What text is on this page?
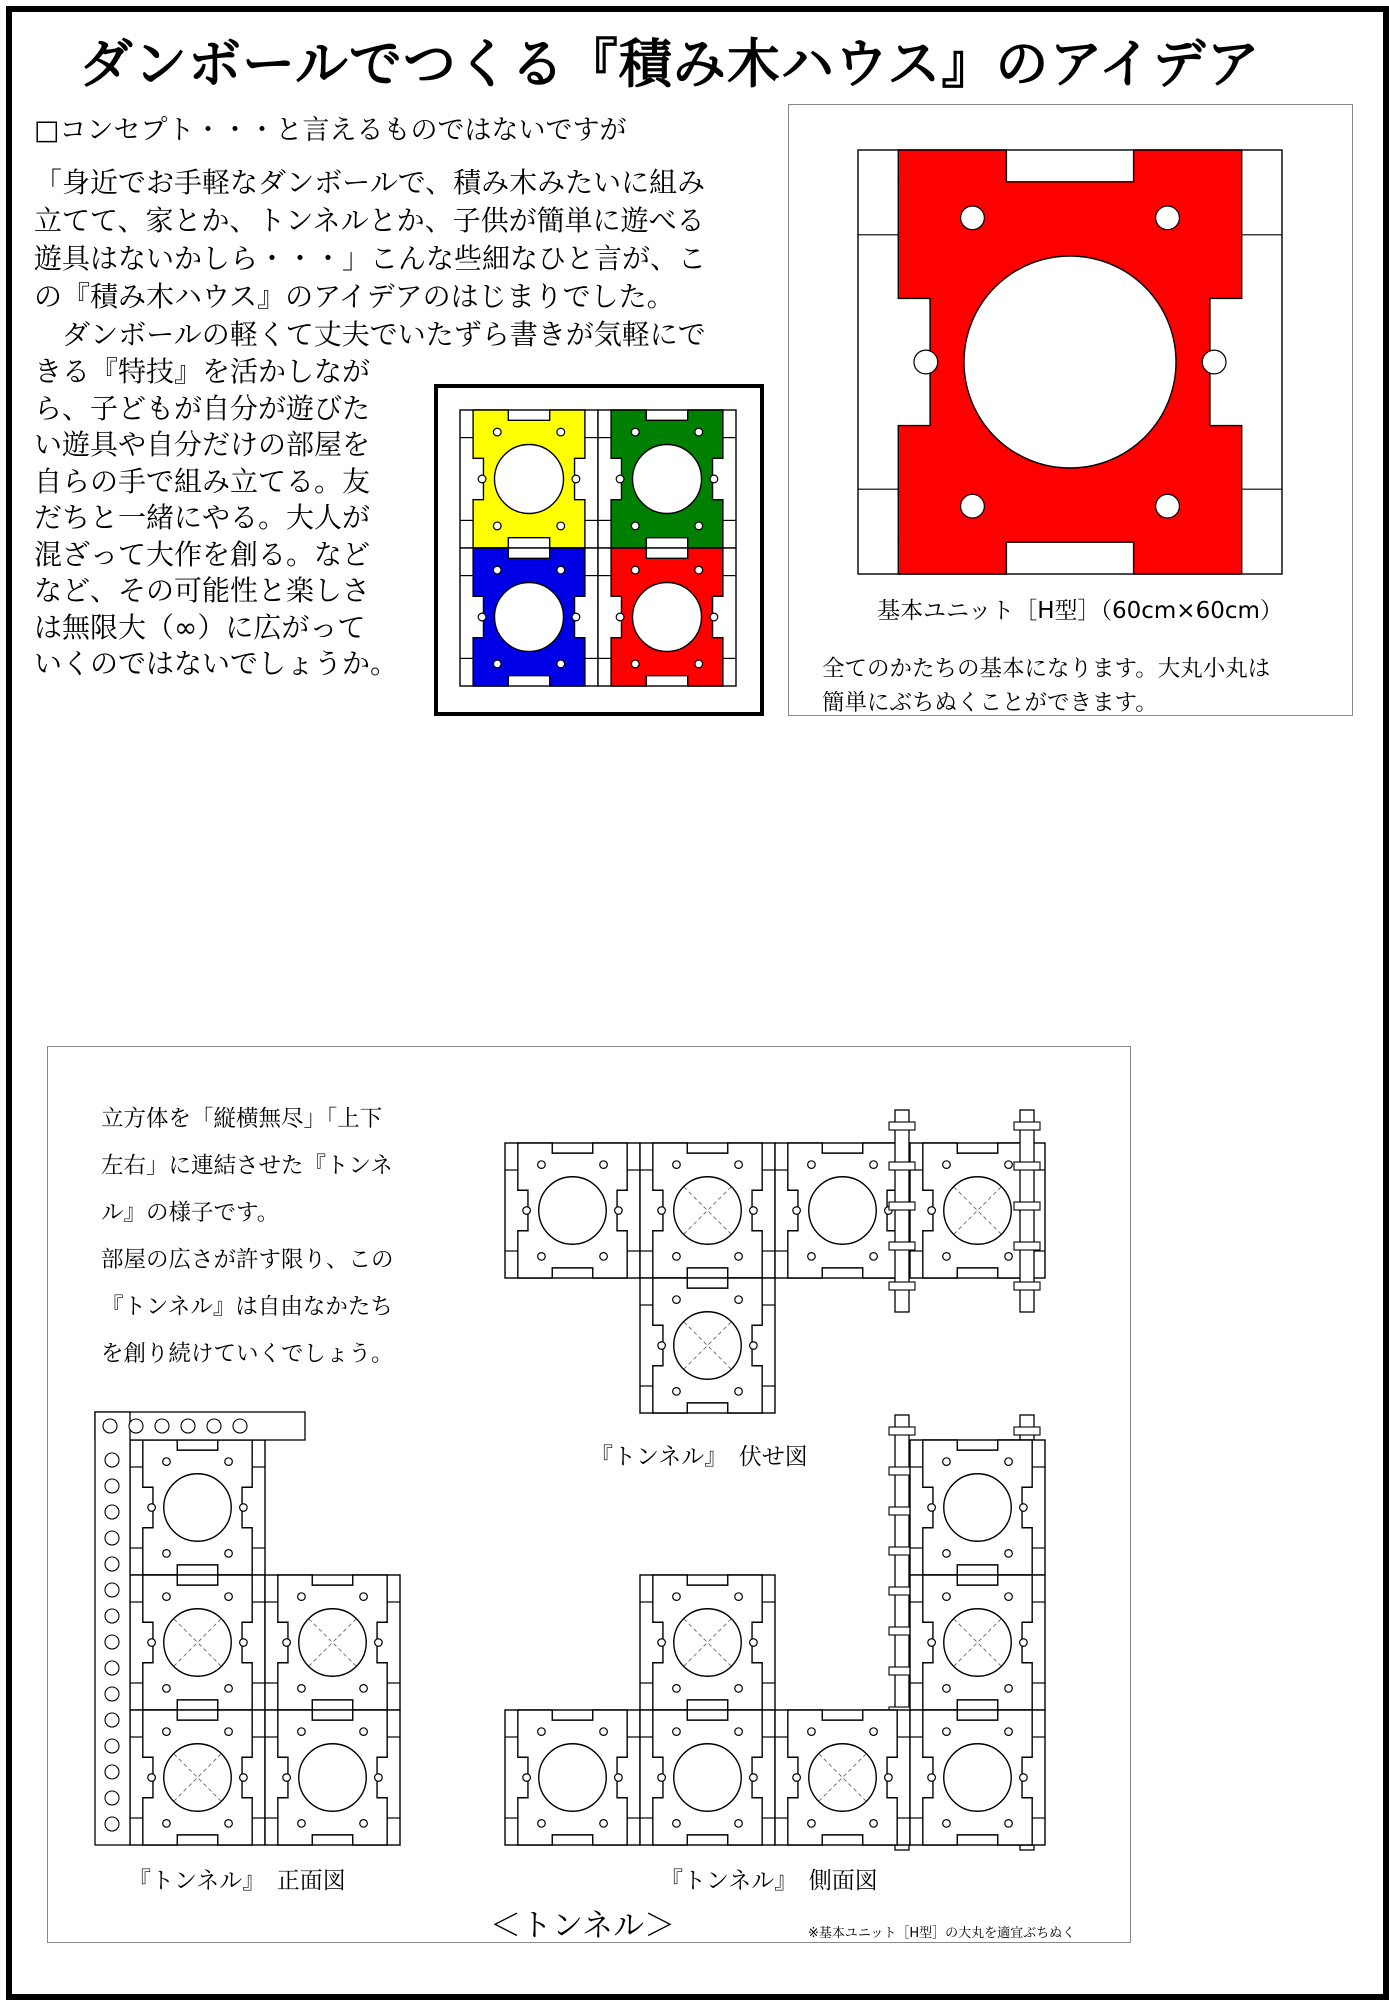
ダンボールでつくる『積み木ハウス』のアイデア
□コンセプト・・・と言えるものではないですが
「身近でお手軽なダンボールで、積み木みたいに組み
立てて、家とか、トンネルとか、子供が簡単に遊べる
遊具はないかしら・・・」こんな些細なひと言が、こ
の『積み木ハウス』のアイデアのはじまりでした。
　ダンボールの軽くて丈夫でいたずら書きが気軽にで
きる『特技』を活かしなが
ら、子どもが自分が遊びた
い遊具や自分だけの部屋を
自らの手で組み立てる。友
だちと一緒にやる。大人が
混ざって大作を創る。など
など、その可能性と楽しさ
は無限大（∞）に広がって
いくのではないでしょうか。
基本ユニット［H型］（60cm×60cm）
全てのかたちの基本になります。大丸小丸は
簡単にぶちぬくことができます。
立方体を「縦横無尽」「上下
左右」に連結させた『トンネ
ル』の様子です。
部屋の広さが許す限り、この
『トンネル』は自由なかたち
を創り続けていくでしょう。
『トンネル』　伏せ図
『トンネル』　正面図	『トンネル』　側面図
＜トンネル＞	※基本ユニット［H型］の大丸を適宜ぶちぬく
